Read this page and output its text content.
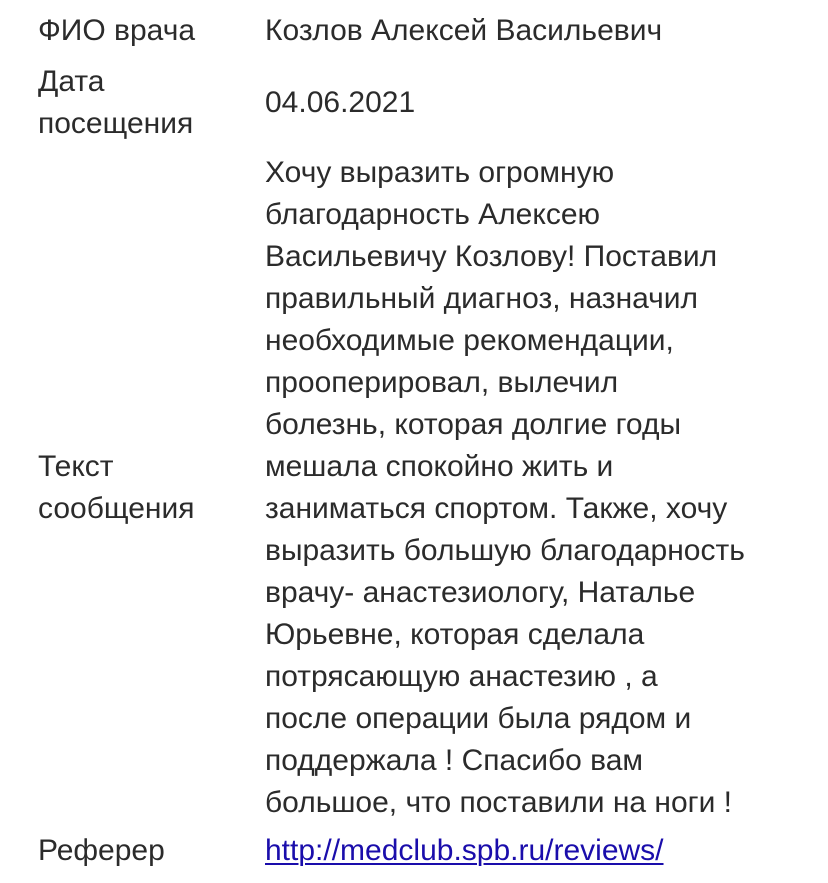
ФИО врача	Козлов Алексей Васильевич
Дата
посещения
04.06.2021
Текст
сообщения
Хочу выразить огромную
благодарность Алексею
Васильевичу Козлову! Поставил
правильный диагноз, назначил
необходимые рекомендации,
прооперировал, вылечил
болезнь, которая долгие годы
мешала спокойно жить и
заниматься спортом. Также, хочу
выразить большую благодарность
врачу- анастезиологу, Наталье
Юрьевне, которая сделала
потрясающую анастезию , а
после операции была рядом и
поддержала ! Спасибо вам
большое, что поставили на ноги !
Реферер	http://medclub.spb.ru/reviews/
